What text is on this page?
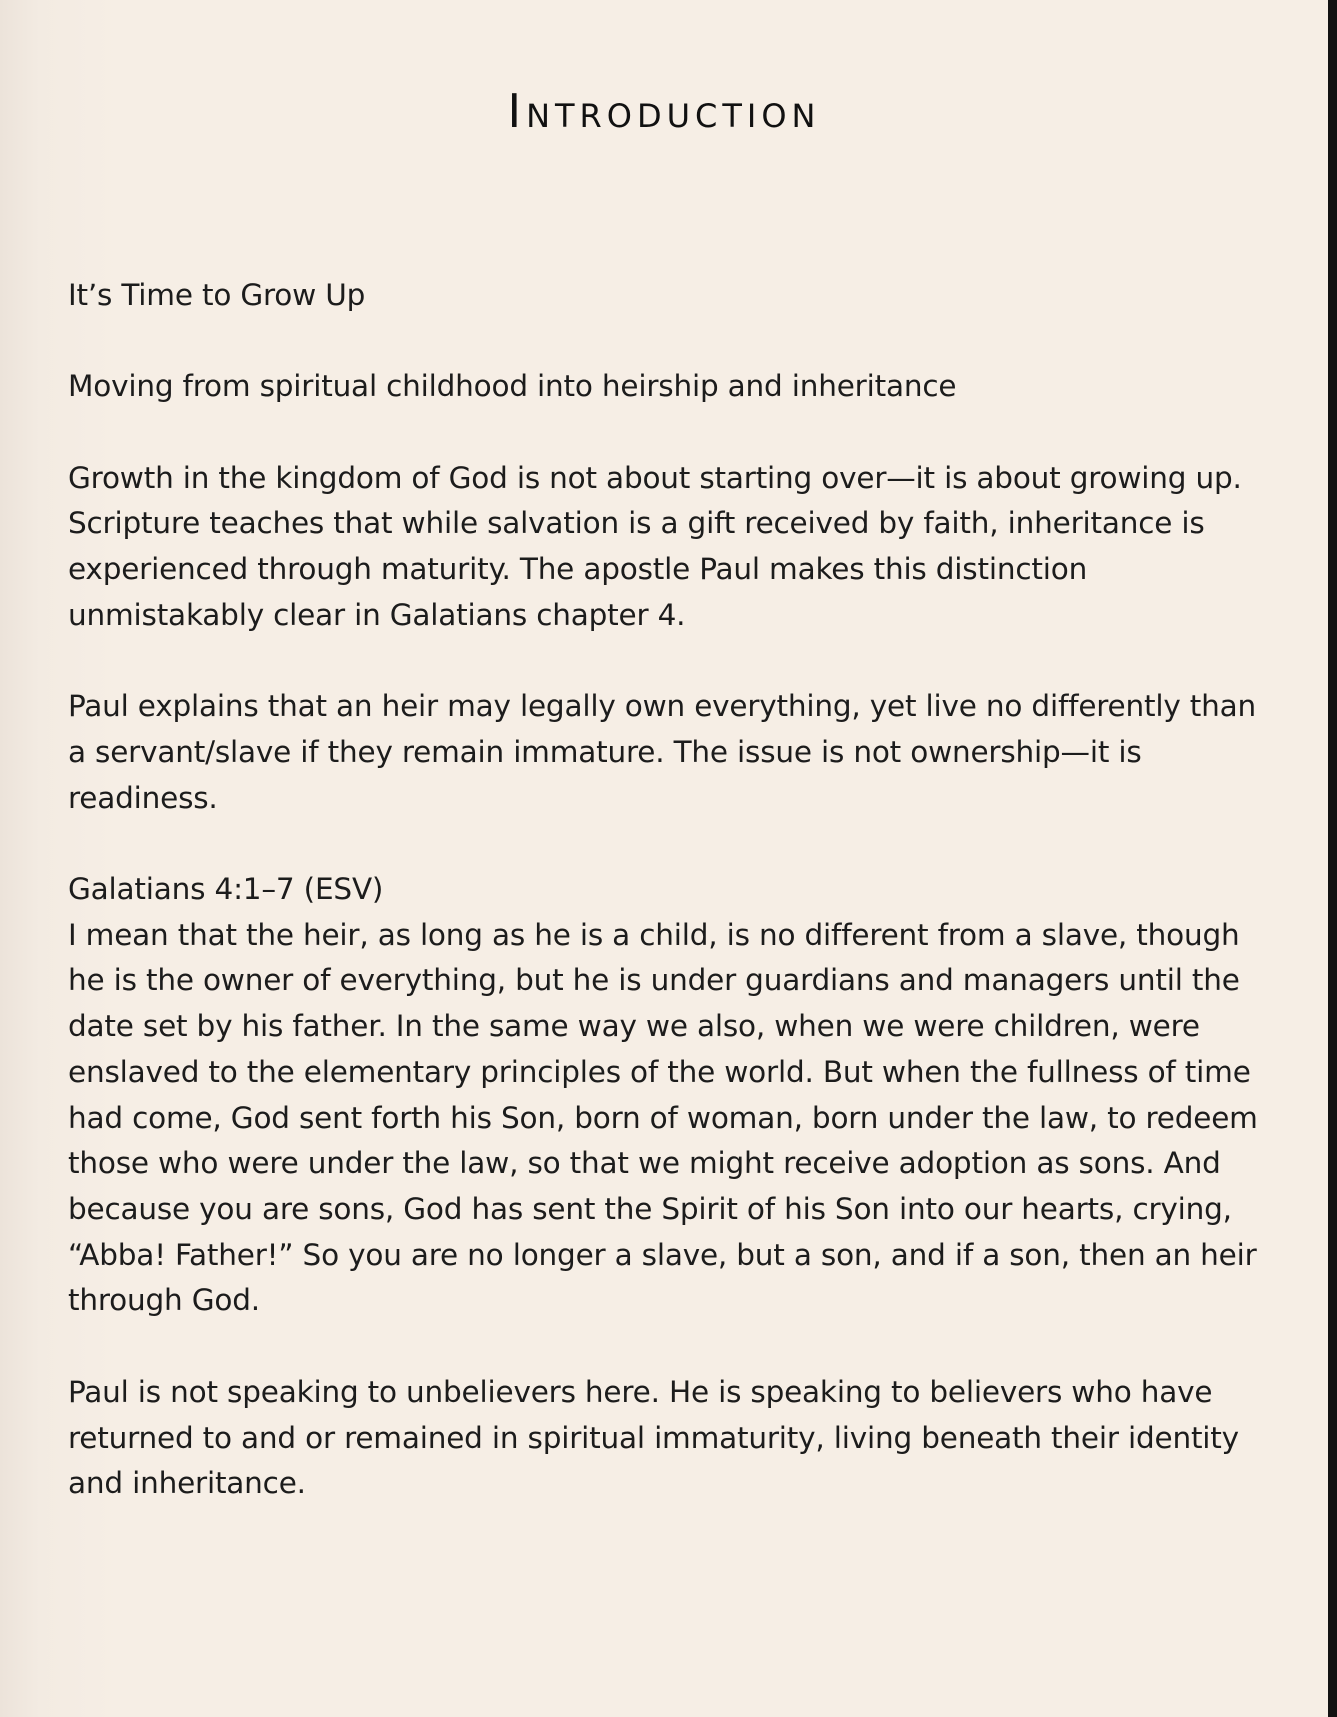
Introduction

It’s Time to Grow Up

Moving from spiritual childhood into heirship and inheritance

Growth in the kingdom of God is not about starting over—it is about growing up. Scripture teaches that while salvation is a gift received by faith, inheritance is experienced through maturity. The apostle Paul makes this distinction unmistakably clear in Galatians chapter 4.

Paul explains that an heir may legally own everything, yet live no differently than a servant/slave if they remain immature. The issue is not ownership—it is readiness.

Galatians 4:1–7 (ESV)

I mean that the heir, as long as he is a child, is no different from a slave, though he is the owner of everything, but he is under guardians and managers until the date set by his father. In the same way we also, when we were children, were enslaved to the elementary principles of the world. But when the fullness of time had come, God sent forth his Son, born of woman, born under the law, to redeem those who were under the law, so that we might receive adoption as sons. And because you are sons, God has sent the Spirit of his Son into our hearts, crying, “Abba! Father!” So you are no longer a slave, but a son, and if a son, then an heir through God.

Paul is not speaking to unbelievers here. He is speaking to believers who have returned to and or remained in spiritual immaturity, living beneath their identity and inheritance.
